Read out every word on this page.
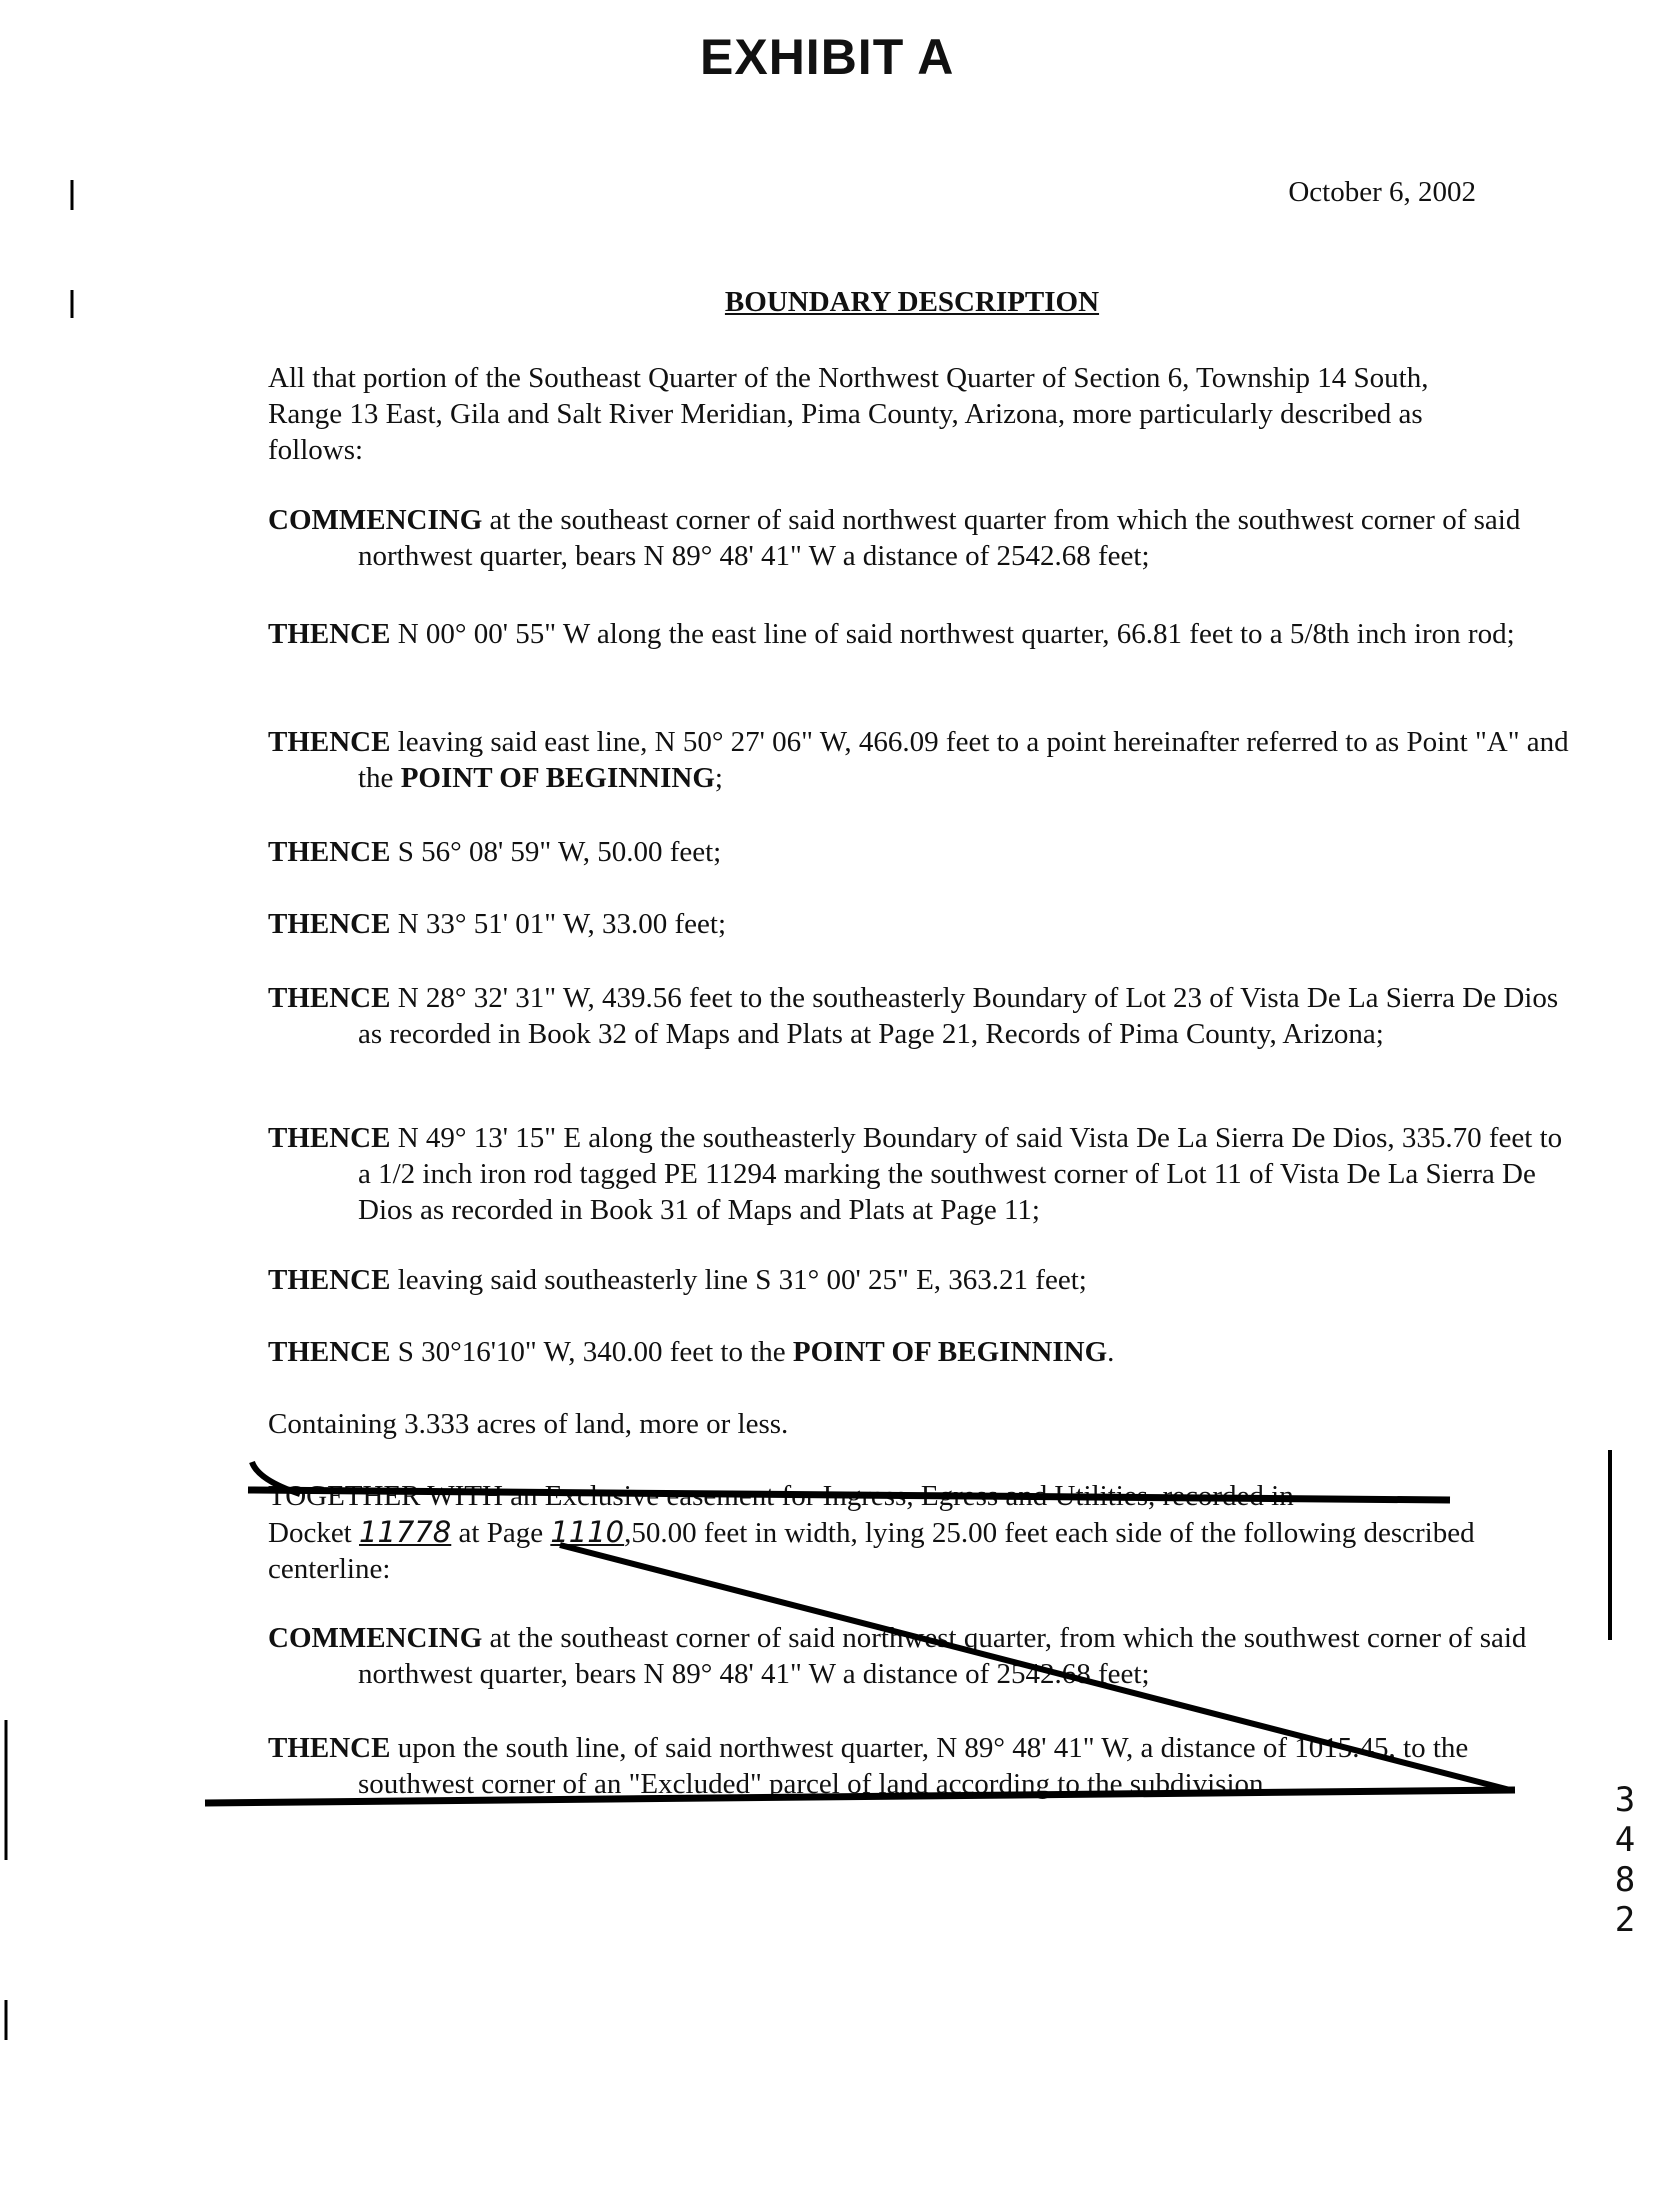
EXHIBIT A
October 6, 2002
BOUNDARY DESCRIPTION

All that portion of the Southeast Quarter of the Northwest Quarter of Section 6, Township 14 South, Range 13 East, Gila and Salt River Meridian, Pima County, Arizona, more particularly described as follows:

COMMENCING at the southeast corner of said northwest quarter from which the southwest corner of said northwest quarter, bears N 89° 48' 41" W a distance of 2542.68 feet;

THENCE N 00° 00' 55" W along the east line of said northwest quarter, 66.81 feet to a 5/8th inch iron rod;

THENCE leaving said east line, N 50° 27' 06" W, 466.09 feet to a point hereinafter referred to as Point "A" and the POINT OF BEGINNING;

THENCE S 56° 08' 59" W, 50.00 feet;

THENCE N 33° 51' 01" W, 33.00 feet;

THENCE N 28° 32' 31" W, 439.56 feet to the southeasterly Boundary of Lot 23 of Vista De La Sierra De Dios as recorded in Book 32 of Maps and Plats at Page 21, Records of Pima County, Arizona;

THENCE N 49° 13' 15" E along the southeasterly Boundary of said Vista De La Sierra De Dios, 335.70 feet to a 1/2 inch iron rod tagged PE 11294 marking the southwest corner of Lot 11 of Vista De La Sierra De Dios as recorded in Book 31 of Maps and Plats at Page 11;

THENCE leaving said southeasterly line S 31° 00' 25" E, 363.21 feet;

THENCE S 30°16'10" W, 340.00 feet to the POINT OF BEGINNING.

Containing 3.333 acres of land, more or less.

TOGETHER WITH an Exclusive easement for Ingress, Egress and Utilities, recorded in
Docket 11778 at Page 1110,50.00 feet in width, lying 25.00 feet each side of the following described centerline:

COMMENCING at the southeast corner of said northwest quarter, from which the southwest corner of said northwest quarter, bears N 89° 48' 41" W a distance of 2542.68 feet;

THENCE upon the south line, of said northwest quarter, N 89° 48' 41" W, a distance of 1015.45, to the southwest corner of an "Excluded" parcel of land according to the subdivision	3
4
8
2
